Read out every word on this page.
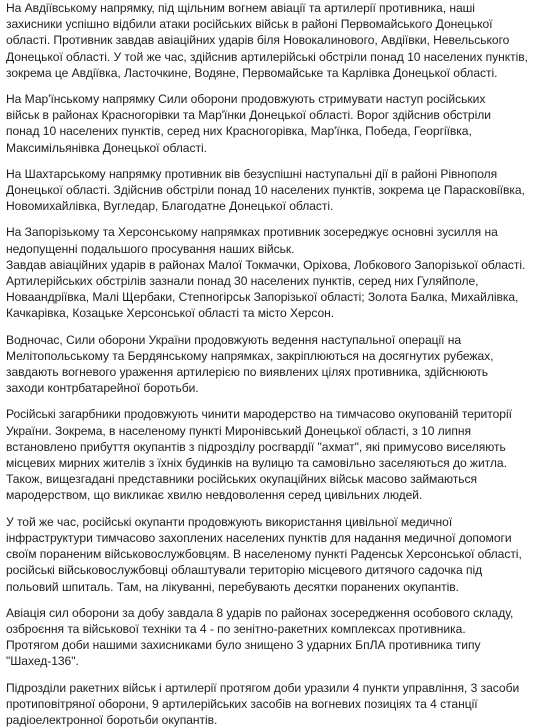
На Авдіївському напрямку, під щільним вогнем авіації та артилерії противника, наші
захисники успішно відбили атаки російських військ в районі Первомайського Донецької
області. Противник завдав авіаційних ударів біля Новокалинового, Авдіївки, Невельського
Донецької області. У той же час, здійснив артилерійські обстріли понад 10 населених пунктів,
зокрема це Авдіївка, Ласточкине, Водяне, Первомайське та Карлівка Донецької області.

На Мар'їнському напрямку Сили оборони продовжують стримувати наступ російських
військ в районах Красногорівки та Мар'їнки Донецької області. Ворог здійснив обстріли
понад 10 населених пунктів, серед них Красногорівка, Мар'їнка, Победа, Георгіївка,
Максимільянівка Донецької області.

На Шахтарському напрямку противник вів безуспішні наступальні дії в районі Рівнополя
Донецької області. Здійснив обстріли понад 10 населених пунктів, зокрема це Парасковіївка,
Новомихайлівка, Вугледар, Благодатне Донецької області.

На Запорізькому та Херсонському напрямках противник зосереджує основні зусилля на
недопущенні подальшого просування наших військ.
Завдав авіаційних ударів в районах Малої Токмачки, Оріхова, Лобкового Запорізької області.
Артилерійських обстрілів зазнали понад 30 населених пунктів, серед них Гуляйполе,
Новаандріївка, Малі Щербаки, Степногірськ Запорізької області; Золота Балка, Михайлівка,
Качкарівка, Козацьке Херсонської області та місто Херсон.

Водночас, Сили оборони України продовжують ведення наступальної операції на
Мелітопольському та Бердянському напрямках, закріплюються на досягнутих рубежах,
завдають вогневого ураження артилерією по виявлених цілях противника, здійснюють
заходи контрбатарейної боротьби.

Російські загарбники продовжують чинити мародерство на тимчасово окупованій території
України. Зокрема, в населеному пункті Миронівський Донецької області, з 10 липня
встановлено прибуття окупантів з підрозділу росгвардії "ахмат", які примусово виселяють
місцевих мирних жителів з їхніх будинків на вулицю та самовільно заселяються до житла.
Також, вищезгадані представники російських окупаційних військ масово займаються
мародерством, що викликає хвилю невдоволення серед цивільних людей.

У той же час, російські окупанти продовжують використання цивільної медичної
інфраструктури тимчасово захоплених населених пунктів для надання медичної допомоги
своїм пораненим військовослужбовцям. В населеному пункті Раденськ Херсонської області,
російські військовослужбовці облаштували територію місцевого дитячого садочка під
польовий шпиталь. Там, на лікуванні, перебувають десятки поранених окупантів.

Авіація сил оборони за добу завдала 8 ударів по районах зосередження особового складу,
озброєння та військової техніки та 4 - по зенітно-ракетних комплексах противника.
Протягом доби нашими захисниками було знищено 3 ударних БпЛА противника типу
"Шахед-136".

Підрозділи ракетних військ і артилерії протягом доби уразили 4 пункти управління, 3 засоби
протиповітряної оборони, 9 артилерійських засобів на вогневих позиціях та 4 станції
радіоелектронної боротьби окупантів.
